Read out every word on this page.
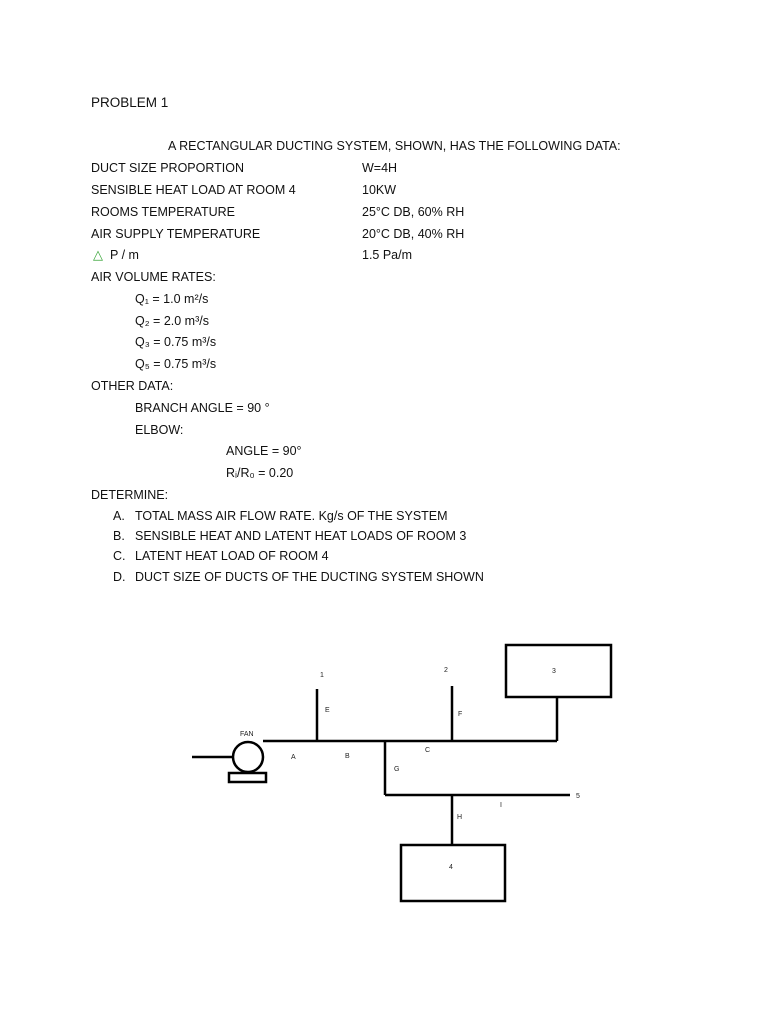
PROBLEM 1
A RECTANGULAR DUCTING SYSTEM, SHOWN, HAS THE FOLLOWING DATA:
DUCT SIZE PROPORTION	W=4H
SENSIBLE HEAT LOAD AT ROOM 4	10KW
ROOMS TEMPERATURE	25°C DB, 60% RH
AIR SUPPLY TEMPERATURE	20°C DB, 40% RH
△ P / m	1.5 Pa/m
AIR VOLUME RATES:
Q₁ = 1.0 m²/s
Q₂ = 2.0 m³/s
Q₃ = 0.75 m³/s
Q₅ = 0.75 m³/s
OTHER DATA:
BRANCH ANGLE = 90 °
ELBOW:
ANGLE = 90°
Rᵢ/R₀ = 0.20
DETERMINE:
A. TOTAL MASS AIR FLOW RATE. Kg/s OF THE SYSTEM
B. SENSIBLE HEAT AND LATENT HEAT LOADS OF ROOM 3
C. LATENT HEAT LOAD OF ROOM 4
D. DUCT SIZE OF DUCTS OF THE DUCTING SYSTEM SHOWN
FAN
1
2	3
4
5
A	B
C
E
F
G
H
I
